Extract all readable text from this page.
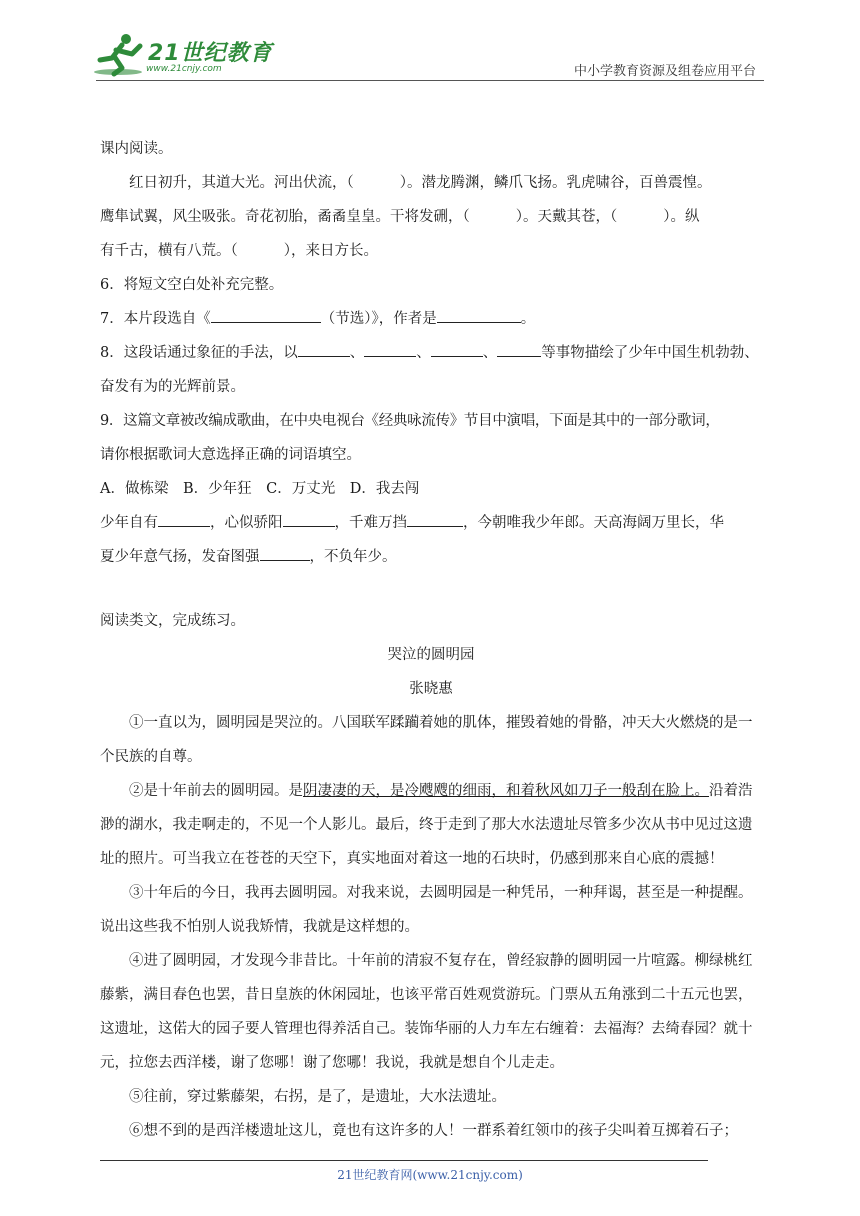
21世纪教育
www.21cnjy.com	中小学教育资源及组卷应用平台

课内阅读。

红日初升，其道大光。河出伏流，（	）。潜龙腾渊，鳞爪飞扬。乳虎啸谷，百兽震惶。

鹰隼试翼，风尘吸张。奇花初胎，矞矞皇皇。干将发硎，（	）。天戴其苍，（	）。纵

有千古，横有八荒。（	），来日方长。

6．将短文空白处补充完整。

7．本片段选自《	（节选）》，作者是	。

8．这段话通过象征的手法，以	、	、	、	等事物描绘了少年中国生机勃勃、

奋发有为的光辉前景。

9．这篇文章被改编成歌曲，在中央电视台《经典咏流传》节目中演唱，下面是其中的一部分歌词，

请你根据歌词大意选择正确的词语填空。

A．做栋梁　B．少年狂　C．万丈光　D．我去闯

少年自有	，心似骄阳	，千难万挡	，今朝唯我少年郎。天高海阔万里长，华

夏少年意气扬，发奋图强	，不负年少。

阅读类文，完成练习。

哭泣的圆明园

张晓惠

①一直以为，圆明园是哭泣的。八国联军蹂躏着她的肌体，摧毁着她的骨骼，冲天大火燃烧的是一个民族的自尊。

②是十年前去的圆明园。是阴凄凄的天，是冷飕飕的细雨，和着秋风如刀子一般刮在脸上。沿着浩渺的湖水，我走啊走的，不见一个人影儿。最后，终于走到了那大水法遗址尽管多少次从书中见过这遗址的照片。可当我立在苍苍的天空下，真实地面对着这一地的石块时，仍感到那来自心底的震撼！

③十年后的今日，我再去圆明园。对我来说，去圆明园是一种凭吊，一种拜谒，甚至是一种提醒。说出这些我不怕别人说我矫情，我就是这样想的。

④进了圆明园，才发现今非昔比。十年前的清寂不复存在，曾经寂静的圆明园一片喧露。柳绿桃红藤紫，满目春色也罢，昔日皇族的休闲园址，也该平常百姓观赏游玩。门票从五角涨到二十五元也罢，这遗址，这偌大的园子要人管理也得养活自己。装饰华丽的人力车左右缠着：去福海？去绮春园？就十元，拉您去西洋楼，谢了您哪！谢了您哪！我说，我就是想自个儿走走。

⑤往前，穿过紫藤架，右拐，是了，是遗址，大水法遗址。

⑥想不到的是西洋楼遗址这儿，竟也有这许多的人！一群系着红领巾的孩子尖叫着互掷着石子；

21世纪教育网(www.21cnjy.com)
